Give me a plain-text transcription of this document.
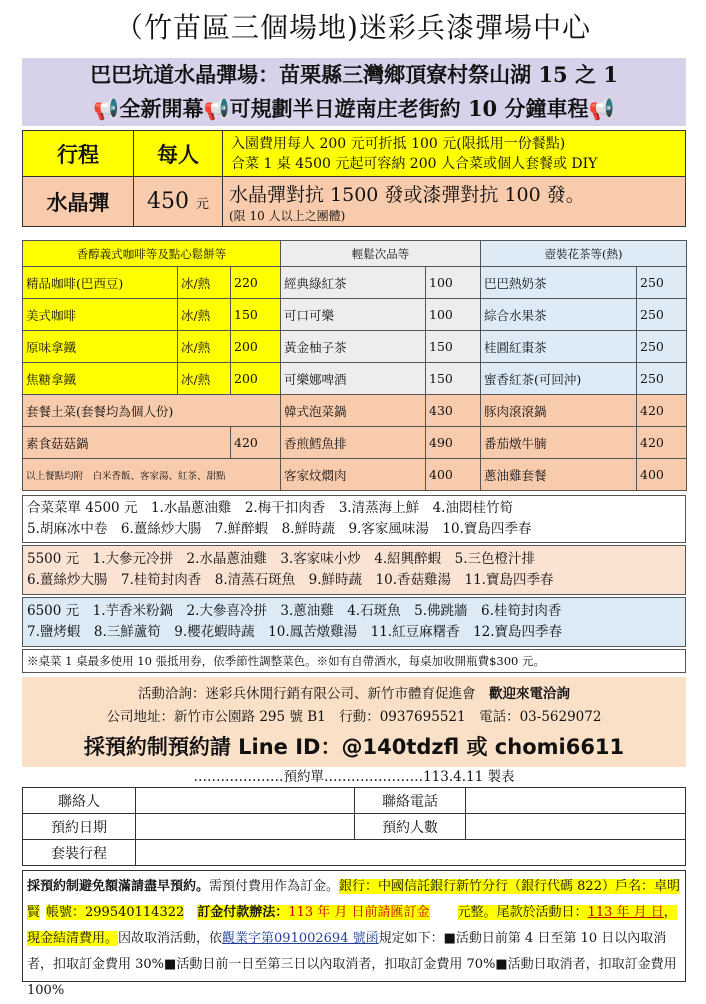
（竹苗區三個場地)迷彩兵漆彈場中心
巴巴坑道水晶彈場：苗栗縣三灣鄉頂寮村祭山湖 15 之 1
📢全新開幕📢可規劃半日遊南庄老街約 10 分鐘車程📢
行程	每人	入園費用每人 200 元可折抵 100 元(限抵用一份餐點)
合菜 1 桌 4500 元起可容納 200 人合菜或個人套餐或 DIY

水晶彈	450 元	水晶彈對抗 1500 發或漆彈對抗 100 發。
(限 10 人以上之團體)
香醇義式咖啡等及點心鬆餅等			輕鬆次品等		壺裝花茶等(熱)	
精品咖啡(巴西豆)	冰/熱	220	經典綠紅茶	100	巴巴熱奶茶	250
美式咖啡	冰/熱	150	可口可樂	100	綜合水果茶	250
原味拿鐵	冰/熱	200	黃金柚子茶	150	桂圓紅棗茶	250
焦糖拿鐵	冰/熱	200	可樂娜啤酒	150	蜜香紅茶(可回沖)	250
套餐土菜(套餐均為個人份)			韓式泡菜鍋	430	豚肉滾滾鍋	420
素食菇菇鍋		420	香煎鱈魚排	490	番茄燉牛腩	420
以上餐點均附　白米香飯、客家湯、紅茶、甜點			客家炆燜肉	400	蔥油雞套餐	400
合菜菜單 4500 元　1.水晶蔥油雞　2.梅干扣肉香　3.清蒸海上鮮　4.油悶桂竹筍
5.胡麻冰中卷　6.薑絲炒大腸　7.鮮醉蝦　8.鮮時蔬　9.客家風味湯　10.寶島四季春
5500 元　1.大參元冷拼　2.水晶蔥油雞　3.客家味小炒　4.紹興醉蝦　5.三色橙汁排
6.薑絲炒大腸　7.桂筍封肉香　8.清蒸石斑魚　9.鮮時蔬　10.香菇雞湯　11.寶島四季春
6500 元　1.芋香米粉鍋　2.大參喜冷拼　3.蔥油雞　4.石斑魚　5.佛跳牆　6.桂筍封肉香
7.鹽烤蝦　8.三鮮蘆筍　9.櫻花蝦時蔬　10.鳳苦燉雞湯　11.紅豆麻糬香　12.寶島四季春
※桌菜 1 桌最多使用 10 張抵用券，依季節性調整菜色。※如有自帶酒水，每桌加收開瓶費$300 元。
活動洽詢：迷彩兵休閒行銷有限公司、新竹市體育促進會　 歡迎來電洽詢
公司地址：新竹市公園路 295 號 B1　行動：0937695521　電話：03-5629072
採預約制預約請 Line ID：@140tdzfl 或 chomi6611
‥‥‥‥‥‥‥‥‥‥預約單‥‥‥‥‥‥‥‥‥‥‥113.4.11 製表
聯絡人		聯絡電話	
預約日期		預約人數	
套裝行程			
採預約制避免額滿請盡早預約。需預付費用作為訂金。銀行：中國信託銀行新竹分行（銀行代碼 822）戶名：卓明賢 帳號：299540114322　 訂金付款辦法：113 年 月 日前請匯訂金 元整。尾款於活動日：113 年 月 日，現金結清費用。因故取消活動，依觀業字第091002694 號函規定如下：■活動日前第 4 日至第 10 日以內取消者，扣取訂金費用 30%■活動日前一日至第三日以內取消者，扣取訂金費用 70%■活動日取消者，扣取訂金費用 100%
